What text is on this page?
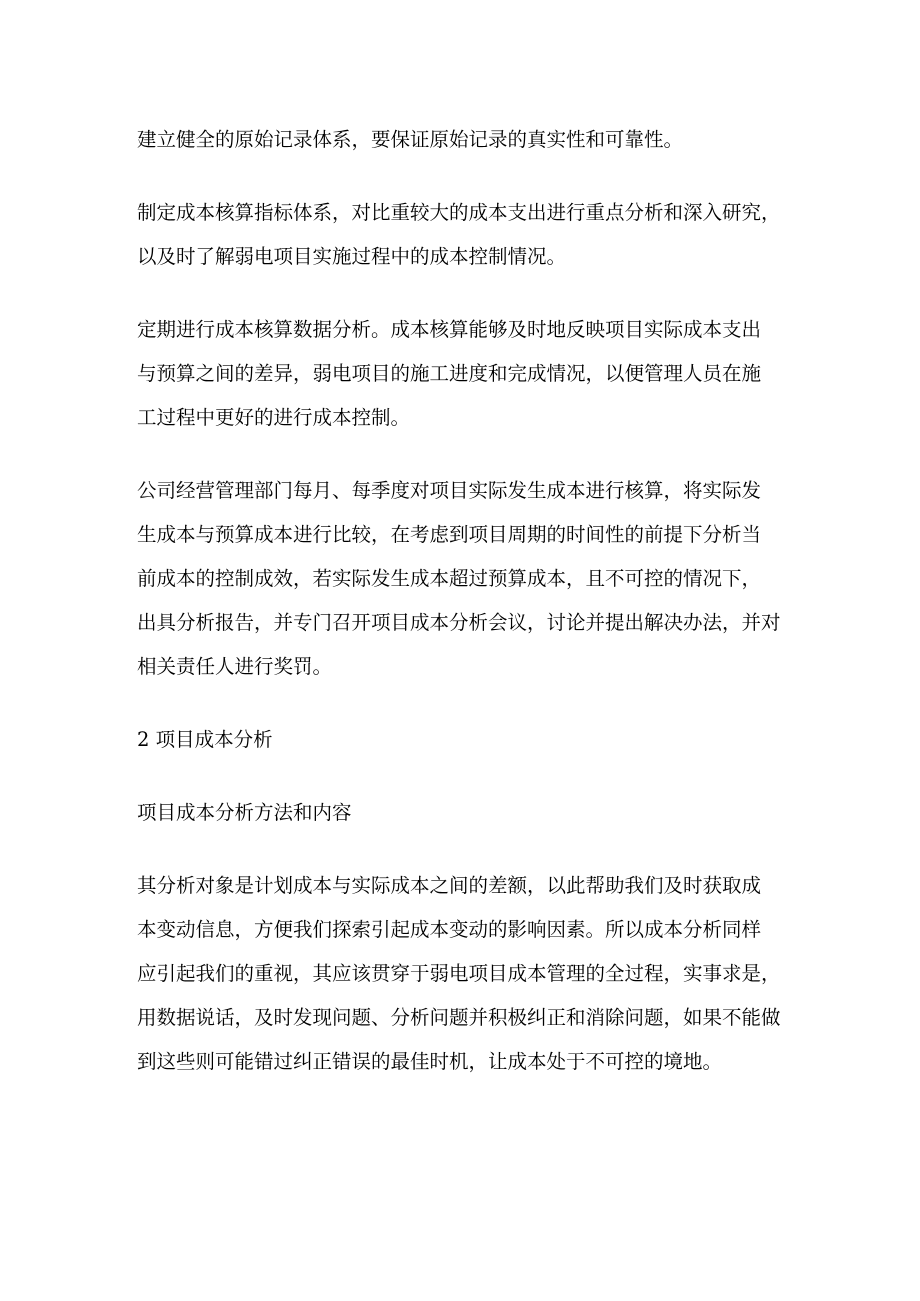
建立健全的原始记录体系，要保证原始记录的真实性和可靠性。

制定成本核算指标体系，对比重较大的成本支出进行重点分析和深入研究，
以及时了解弱电项目实施过程中的成本控制情况。

定期进行成本核算数据分析。成本核算能够及时地反映项目实际成本支出
与预算之间的差异，弱电项目的施工进度和完成情况，以便管理人员在施
工过程中更好的进行成本控制。

公司经营管理部门每月、每季度对项目实际发生成本进行核算，将实际发
生成本与预算成本进行比较，在考虑到项目周期的时间性的前提下分析当
前成本的控制成效，若实际发生成本超过预算成本，且不可控的情况下，
出具分析报告，并专门召开项目成本分析会议，讨论并提出解决办法，并对
相关责任人进行奖罚。

2 项目成本分析

项目成本分析方法和内容

其分析对象是计划成本与实际成本之间的差额，以此帮助我们及时获取成
本变动信息，方便我们探索引起成本变动的影响因素。所以成本分析同样
应引起我们的重视，其应该贯穿于弱电项目成本管理的全过程，实事求是，
用数据说话，及时发现问题、分析问题并积极纠正和消除问题，如果不能做
到这些则可能错过纠正错误的最佳时机，让成本处于不可控的境地。
